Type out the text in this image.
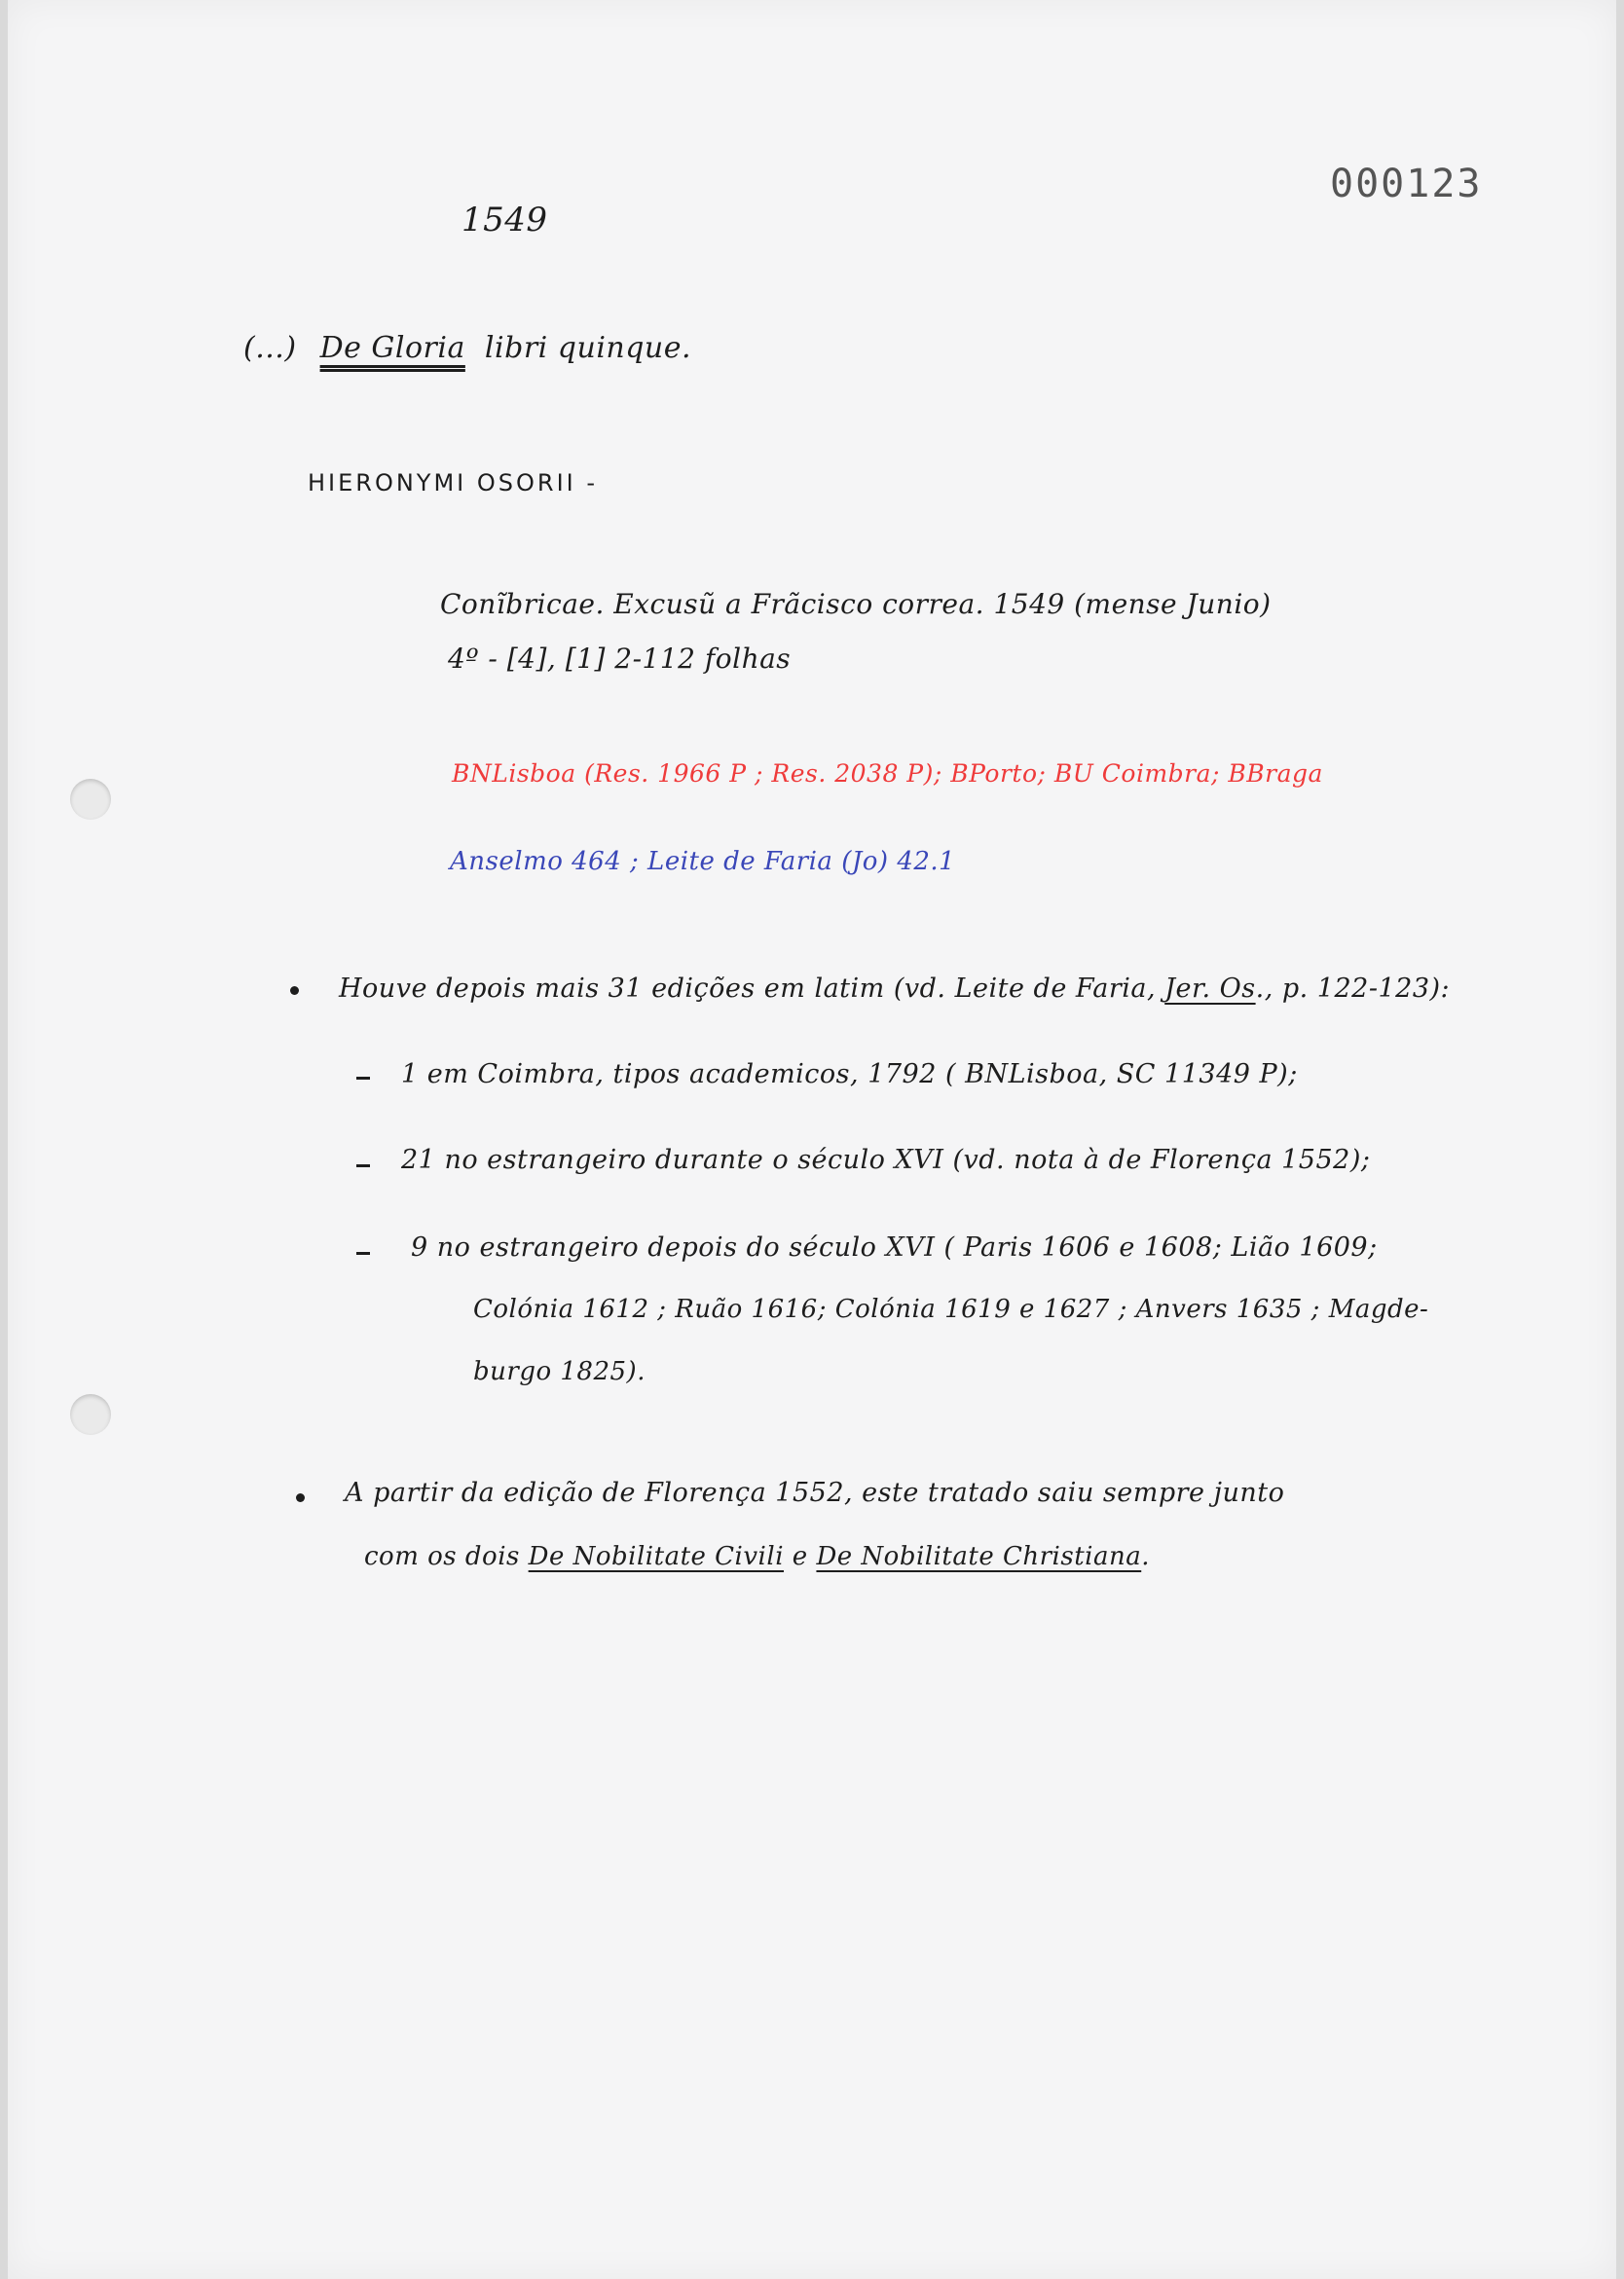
000123
1549
(...) De Gloria libri quinque.
HIERONYMI OSORII -
Conĩbricae. Excusũ a Frãcisco correa. 1549 (mense Junio)
4º - [4], [1] 2-112 folhas
BNLisboa (Res. 1966 P ; Res. 2038 P); BPorto; BU Coimbra; BBraga
Anselmo 464 ; Leite de Faria (Jo) 42.1
Houve depois mais 31 edições em latim (vd. Leite de Faria, Jer. Os., p. 122-123):
1 em Coimbra, tipos academicos, 1792 ( BNLisboa, SC 11349 P);
21 no estrangeiro durante o século XVI (vd. nota à de Florença 1552);
9 no estrangeiro depois do século XVI ( Paris 1606 e 1608; Lião 1609;
Colónia 1612 ; Ruão 1616; Colónia 1619 e 1627 ; Anvers 1635 ; Magde-
burgo 1825).
A partir da edição de Florença 1552, este tratado saiu sempre junto
com os dois De Nobilitate Civili e De Nobilitate Christiana.
